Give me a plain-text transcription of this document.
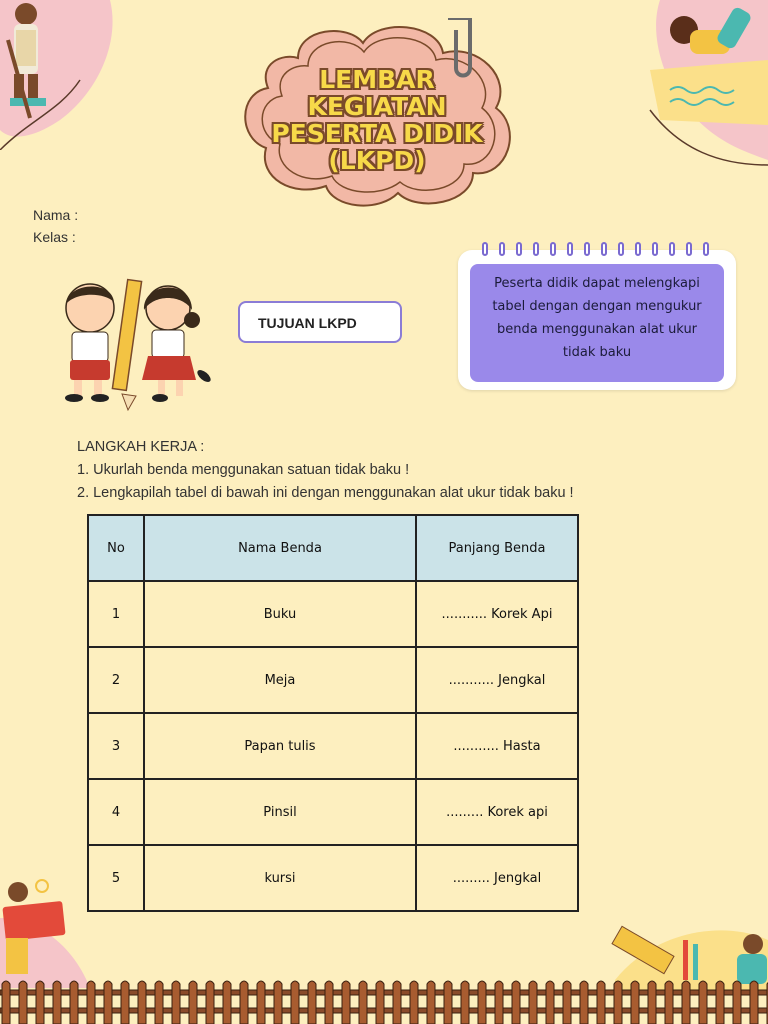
LEMBAR
KEGIATAN
PESERTA DIDIK
(LKPD)
Nama :
Kelas :
TUJUAN LKPD
Peserta didik dapat melengkapi
tabel dengan dengan mengukur
benda menggunakan alat ukur
tidak baku
LANGKAH KERJA :
1. Ukurlah benda menggunakan satuan tidak baku !
2. Lengkapilah tabel di bawah ini dengan menggunakan alat ukur tidak baku !
No	Nama Benda	Panjang Benda
1	Buku	........... Korek Api
2	Meja	........... Jengkal
3	Papan tulis	........... Hasta
4	Pinsil	......... Korek api
5	kursi	......... Jengkal
